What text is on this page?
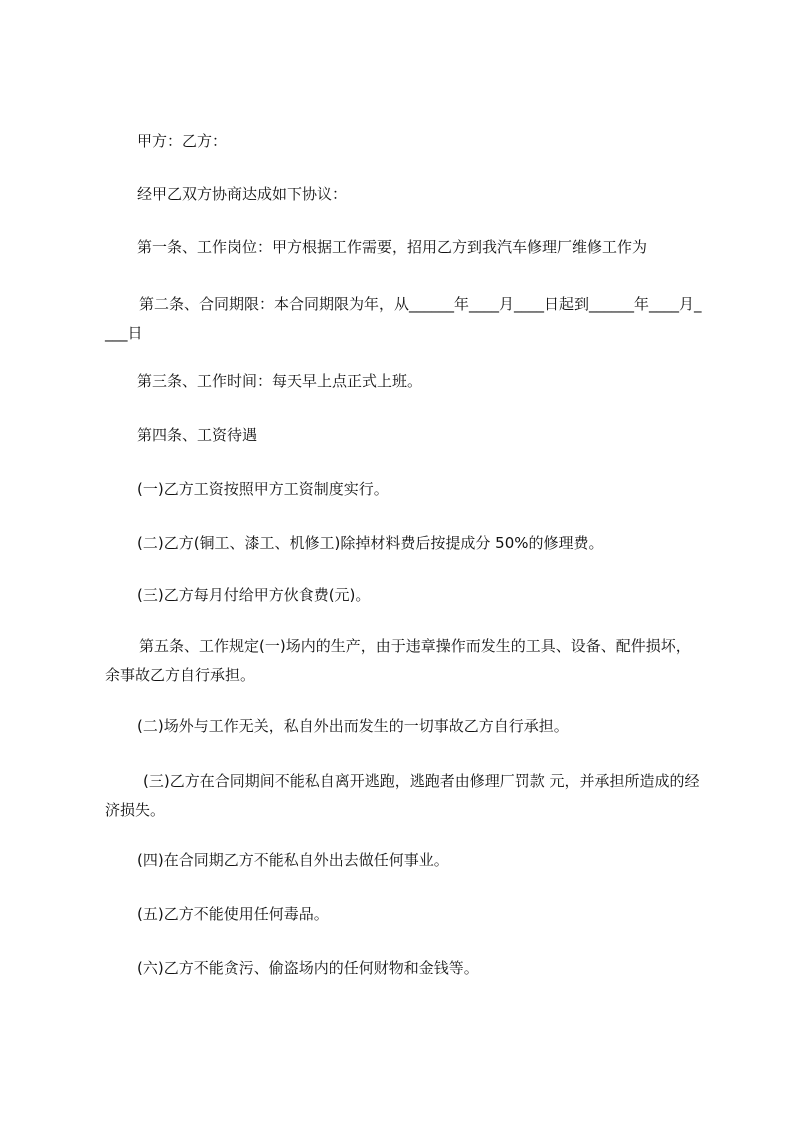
甲方：乙方：

经甲乙双方协商达成如下协议：

第一条、工作岗位：甲方根据工作需要，招用乙方到我汽车修理厂维修工作为

第二条、合同期限：本合同期限为年，从______年____月____日起到______年____月____日

第三条、工作时间：每天早上点正式上班。

第四条、工资待遇

(一)乙方工资按照甲方工资制度实行。

(二)乙方(铜工、漆工、机修工)除掉材料费后按提成分 50%的修理费。

(三)乙方每月付给甲方伙食费(元)。

第五条、工作规定(一)场内的生产，由于违章操作而发生的工具、设备、配件损坏，余事故乙方自行承担。

(二)场外与工作无关，私自外出而发生的一切事故乙方自行承担。

(三)乙方在合同期间不能私自离开逃跑，逃跑者由修理厂罚款 元，并承担所造成的经济损失。

(四)在合同期乙方不能私自外出去做任何事业。

(五)乙方不能使用任何毒品。

(六)乙方不能贪污、偷盗场内的任何财物和金钱等。
